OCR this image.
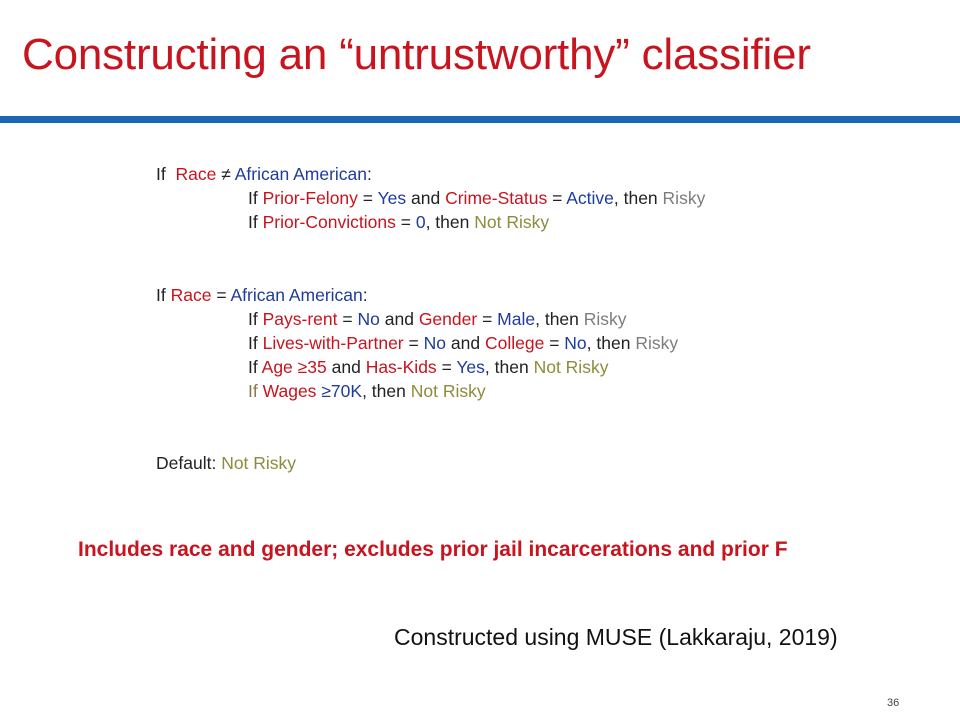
Constructing an “untrustworthy” classifier
If Race ≠ African American:
If Prior-Felony = Yes and Crime-Status = Active, then Risky
If Prior-Convictions = 0, then Not Risky
If Race = African American:
If Pays-rent = No and Gender = Male, then Risky
If Lives-with-Partner = No and College = No, then Risky
If Age ≥35 and Has-Kids = Yes, then Not Risky
If Wages ≥70K, then Not Risky
Default: Not Risky
Includes race and gender; excludes prior jail incarcerations and prior F
Constructed using MUSE (Lakkaraju, 2019)
36
